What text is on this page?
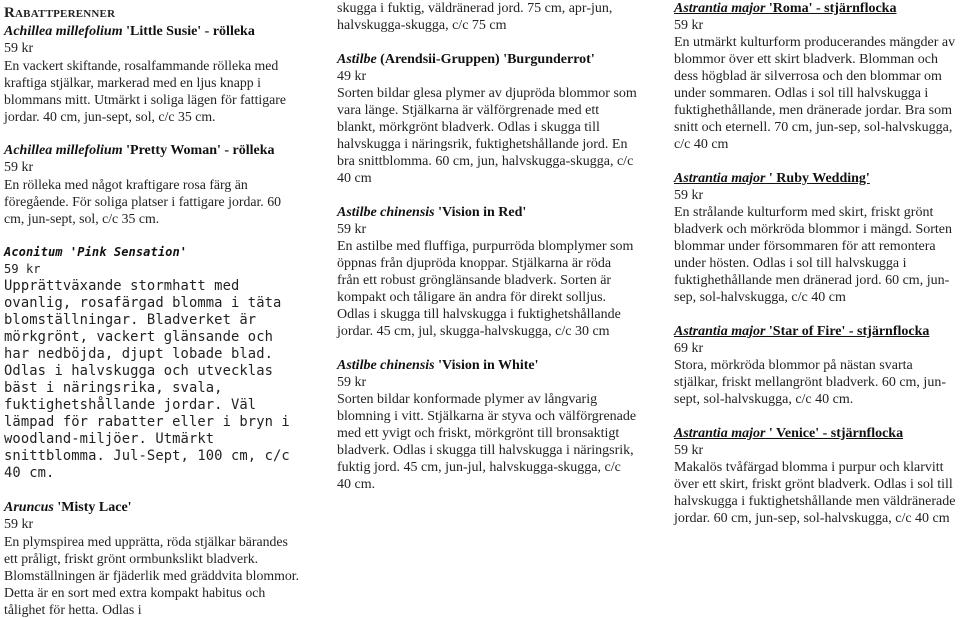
Rabattperenner
Achillea millefolium 'Little Susie' - rölleka
59 kr
En vackert skiftande, rosalfammande rölleka med kraftiga stjälkar, markerad med en ljus knapp i blommans mitt. Utmärkt i soliga lägen för fattigare jordar. 40 cm, jun-sept, sol, c/c 35 cm.
Achillea millefolium 'Pretty Woman' - rölleka
59 kr
En rölleka med något kraftigare rosa färg än föregående. För soliga platser i fattigare jordar. 60 cm, jun-sept, sol, c/c 35 cm.
Aconitum 'Pink Sensation'
59 kr
Upprättväxande stormhatt med ovanlig, rosafärgad blomma i täta blomställningar. Bladverket är mörkgrönt, vackert glänsande och har nedböjda, djupt lobade blad. Odlas i halvskugga och utvecklas bäst i näringsrika, svala, fuktighetshållande jordar. Väl lämpad för rabatter eller i bryn i woodland-miljöer. Utmärkt snittblomma. Jul-Sept, 100 cm, c/c 40 cm.
Aruncus 'Misty Lace'
59 kr
En plymspirea med upprätta, röda stjälkar bärandes ett pråligt, friskt grönt ormbunkslikt bladverk. Blomställningen är fjäderlik med gräddvita blommor. Detta är en sort med extra kompakt habitus och tålighet för hetta. Odlas i
skugga i fuktig, väldränerad jord. 75 cm, apr-jun, halvskugga-skugga, c/c 75 cm
Astilbe (Arendsii-Gruppen) 'Burgunderrot'
49 kr
Sorten bildar glesa plymer av djupröda blommor som vara länge. Stjälkarna är välförgrenade med ett blankt, mörkgrönt bladverk. Odlas i skugga till halvskugga i näringsrik, fuktighetshållande jord. En bra snittblomma. 60 cm, jun, halvskugga-skugga, c/c 40 cm
Astilbe chinensis 'Vision in Red'
59 kr
En astilbe med fluffiga, purpurröda blomplymer som öppnas från djupröda knoppar. Stjälkarna är röda från ett robust grönglänsande bladverk. Sorten är kompakt och tåligare än andra för direkt solljus. Odlas i skugga till halvskugga i fuktighetshållande jordar. 45 cm, jul, skugga-halvskugga, c/c 30 cm
Astilbe chinensis 'Vision in White'
59 kr
Sorten bildar konformade plymer av långvarig blomning i vitt. Stjälkarna är styva och välförgrenade med ett yvigt och friskt, mörkgrönt till bronsaktigt bladverk. Odlas i skugga till halvskugga i näringsrik, fuktig jord. 45 cm, jun-jul, halvskugga-skugga, c/c 40 cm.
Astrantia major 'Roma' - stjärnflocka
59 kr
En utmärkt kulturform producerandes mängder av blommor över ett skirt bladverk. Blomman och dess högblad är silverrosa och den blommar om under sommaren. Odlas i sol till halvskugga i fuktighethållande, men dränerade jordar. Bra som snitt och eternell. 70 cm, jun-sep, sol-halvskugga, c/c 40 cm
Astrantia major ' Ruby Wedding'
59 kr
En strålande kulturform med skirt, friskt grönt bladverk och mörkröda blommor i mängd. Sorten blommar under försommaren för att remontera under hösten. Odlas i sol till halvskugga i fuktighethållande men dränerad jord. 60 cm, jun-sep, sol-halvskugga, c/c 40 cm
Astrantia major 'Star of Fire' - stjärnflocka
69 kr
Stora, mörkröda blommor på nästan svarta stjälkar, friskt mellangrönt bladverk. 60 cm, jun-sept, sol-halvskugga, c/c 40 cm.
Astrantia major ' Venice' - stjärnflocka
59 kr
Makalös tvåfärgad blomma i purpur och klarvitt över ett skirt, friskt grönt bladverk. Odlas i sol till halvskugga i fuktighetshållande men väldränerade jordar. 60 cm, jun-sep, sol-halvskugga, c/c 40 cm
